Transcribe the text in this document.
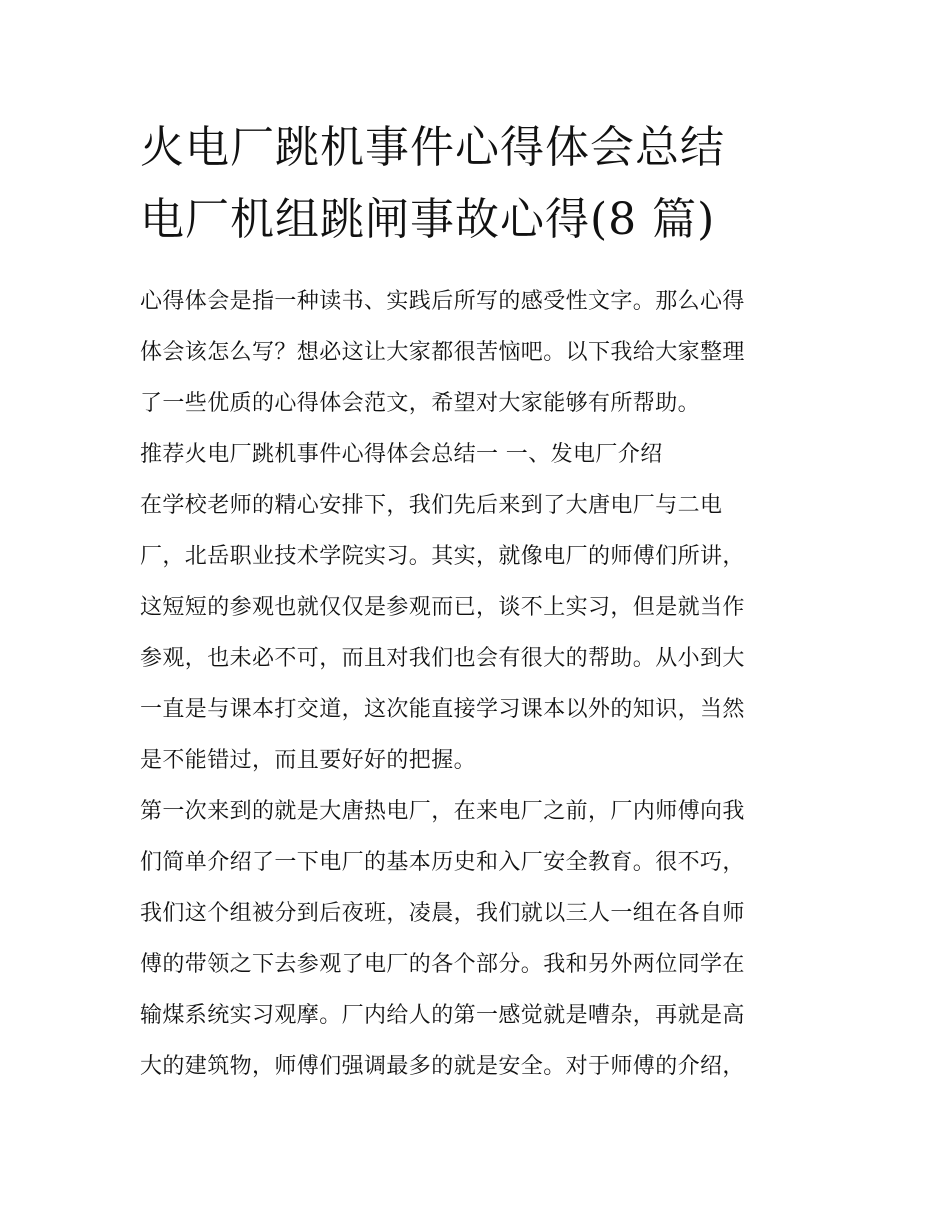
火电厂跳机事件心得体会总结
电厂机组跳闸事故心得(8 篇)
心得体会是指一种读书、实践后所写的感受性文字。那么心得
体会该怎么写？想必这让大家都很苦恼吧。以下我给大家整理
了一些优质的心得体会范文，希望对大家能够有所帮助。
推荐火电厂跳机事件心得体会总结一 一、发电厂介绍
在学校老师的精心安排下，我们先后来到了大唐电厂与二电
厂，北岳职业技术学院实习。其实，就像电厂的师傅们所讲，
这短短的参观也就仅仅是参观而已，谈不上实习，但是就当作
参观，也未必不可，而且对我们也会有很大的帮助。从小到大
一直是与课本打交道，这次能直接学习课本以外的知识，当然
是不能错过，而且要好好的把握。
第一次来到的就是大唐热电厂，在来电厂之前，厂内师傅向我
们简单介绍了一下电厂的基本历史和入厂安全教育。很不巧，
我们这个组被分到后夜班，凌晨，我们就以三人一组在各自师
傅的带领之下去参观了电厂的各个部分。我和另外两位同学在
输煤系统实习观摩。厂内给人的第一感觉就是嘈杂，再就是高
大的建筑物，师傅们强调最多的就是安全。对于师傅的介绍，
